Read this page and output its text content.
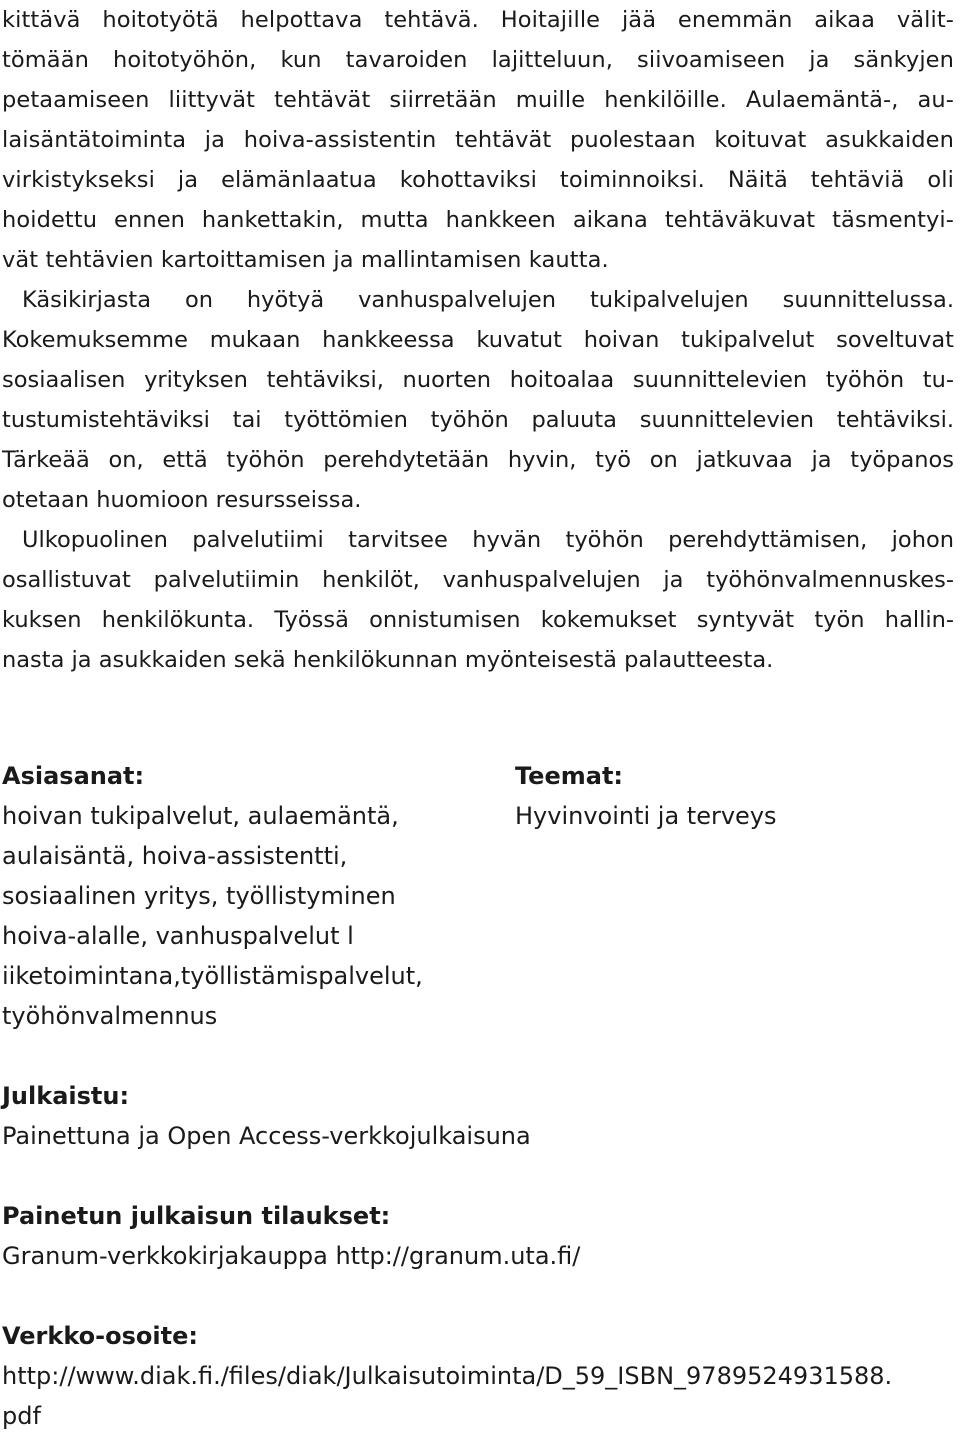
kittävä hoitotyötä helpottava tehtävä. Hoitajille jää enemmän aikaa välit-
tömään hoitotyöhön, kun tavaroiden lajitteluun, siivoamiseen ja sänkyjen
petaamiseen liittyvät tehtävät siirretään muille henkilöille. Aulaemäntä-, au-
laisäntätoiminta ja hoiva-assistentin tehtävät puolestaan koituvat asukkaiden
virkistykseksi ja elämänlaatua kohottaviksi toiminnoiksi. Näitä tehtäviä oli
hoidettu ennen hankettakin, mutta hankkeen aikana tehtäväkuvat täsmentyi-
vät tehtävien kartoittamisen ja mallintamisen kautta.
Käsikirjasta on hyötyä vanhuspalvelujen tukipalvelujen suunnittelussa.
Kokemuksemme mukaan hankkeessa kuvatut hoivan tukipalvelut soveltuvat
sosiaalisen yrityksen tehtäviksi, nuorten hoitoalaa suunnittelevien työhön tu-
tustumistehtäviksi tai työttömien työhön paluuta suunnittelevien tehtäviksi.
Tärkeää on, että työhön perehdytetään hyvin, työ on jatkuvaa ja työpanos
otetaan huomioon resursseissa.
Ulkopuolinen palvelutiimi tarvitsee hyvän työhön perehdyttämisen, johon
osallistuvat palvelutiimin henkilöt, vanhuspalvelujen ja työhönvalmennuskes-
kuksen henkilökunta. Työssä onnistumisen kokemukset syntyvät työn hallin-
nasta ja asukkaiden sekä henkilökunnan myönteisestä palautteesta.
Asiasanat:
hoivan tukipalvelut, aulaemäntä,
aulaisäntä, hoiva-assistentti,
sosiaalinen yritys, työllistyminen
hoiva-alalle, vanhuspalvelut l
iiketoimintana,työllistämispalvelut,
työhönvalmennus
Teemat:
Hyvinvointi ja terveys
Julkaistu:
Painettuna ja Open Access-verkkojulkaisuna
Painetun julkaisun tilaukset:
Granum-verkkokirjakauppa http://granum.uta.fi/
Verkko-osoite:
http://www.diak.fi./files/diak/Julkaisutoiminta/D_59_ISBN_9789524931588.
pdf
